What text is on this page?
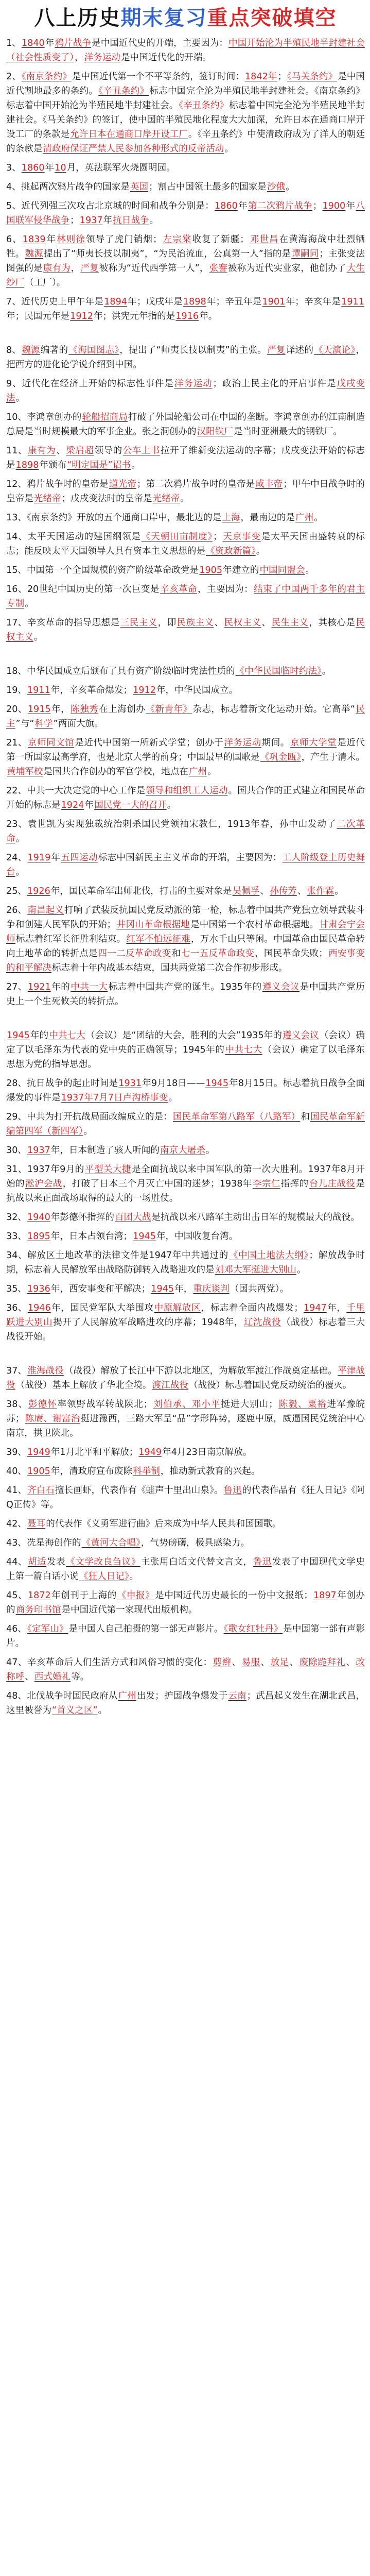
八上历史期末复习重点突破填空

1、1840年鸦片战争是中国近代史的开端，主要因为：中国开始沦为半殖民地半封建社会（社会性质变了），洋务运动是中国近代化的开端。

2、《南京条约》是中国近代第一个不平等条约，签订时间：1842年；《马关条约》是中国近代割地最多的条约。《辛丑条约》标志中国完全沦为半殖民地半封建社会。《南京条约》标志着中国开始沦为半殖民地半封建社会。《辛丑条约》标志着中国完全沦为半殖民地半封建社会。《马关条约》的签订，使中国的半殖民地化程度大大加深，允许日本在通商口岸开设工厂的条款是允许日本在通商口岸开设工厂。《辛丑条约》中使清政府成为了洋人的朝廷的条款是清政府保证严禁人民参加各种形式的反帝活动。

3、1860年10月，英法联军火烧圆明园。

4、挑起两次鸦片战争的国家是英国；割占中国领土最多的国家是沙俄。

5、近代列强三次攻占北京城的时间和战争分别是：1860年第二次鸦片战争；1900年八国联军侵华战争；1937年抗日战争。

6、1839年林则徐领导了虎门销烟；左宗棠收复了新疆；邓世昌在黄海海战中壮烈牺牲。魏源提出了“师夷长技以制夷”，“为民治流血，公真第一人”指的是谭嗣同；主张变法图强的是康有为，严复被称为“近代西学第一人”，张謇被称为近代实业家，他创办了大生纱厂（工厂）。

7、近代历史上甲午年是1894年；戊戌年是1898年；辛丑年是1901年；辛亥年是1911年；民国元年是1912年；洪宪元年指的是1916年。

8、魏源编著的《海国图志》，提出了“师夷长技以制夷”的主张。严复译述的《天演论》，把西方的进化论学说介绍到中国。

9、近代化在经济上开始的标志性事件是洋务运动；政治上民主化的开启事件是戊戌变法。

10、李鸿章创办的轮船招商局打破了外国轮船公司在中国的垄断。李鸿章创办的江南制造总局是当时规模最大的军事企业。张之洞创办的汉阳铁厂是当时亚洲最大的钢铁厂。

11、康有为、梁启超领导的公车上书拉开了维新变法运动的序幕；戊戌变法开始的标志是1898年颁布“明定国是”诏书。

12、鸦片战争时的皇帝是道光帝；第二次鸦片战争时的皇帝是咸丰帝；甲午中日战争时的皇帝是光绪帝；戊戌变法时的皇帝是光绪帝。

13、《南京条约》开放的五个通商口岸中，最北边的是上海，最南边的是广州。

14、太平天国运动的建国纲领是《天朝田亩制度》；天京事变是太平天国由盛转衰的标志；能反映太平天国领导人具有资本主义思想的是《资政新篇》。

15、中国第一个全国规模的资产阶级革命政党是1905年建立的中国同盟会。

16、20世纪中国历史的第一次巨变是辛亥革命，主要因为：结束了中国两千多年的君主专制。

17、辛亥革命的指导思想是三民主义，即民族主义、民权主义、民生主义，其核心是民权主义。

18、中华民国成立后颁布了具有资产阶级临时宪法性质的《中华民国临时约法》。

19、1911年，辛亥革命爆发；1912年，中华民国成立。

20、1915年，陈独秀在上海创办《新青年》杂志，标志着新文化运动开始。它高举“民主”与“科学”两面大旗。

21、京师同文馆是近代中国第一所新式学堂；创办于洋务运动期间。京师大学堂是近代第一所国家最高学府，也是北京大学的前身；中国最早的国歌是《巩金瓯》，产生于清末。黄埔军校是国共合作创办的军官学校，地点在广州。

22、中共一大决定党的中心工作是领导和组织工人运动。国共合作的正式建立和国民革命开始的标志是1924年国民党一大的召开。

23、袁世凯为实现独裁统治刺杀国民党领袖宋教仁，1913年春，孙中山发动了二次革命。

24、1919年五四运动标志中国新民主主义革命的开端，主要因为：工人阶级登上历史舞台。

25、1926年，国民革命军出师北伐，打击的主要对象是吴佩孚、孙传芳、张作霖。

26、南昌起义打响了武装反抗国民党反动派的第一枪，标志着中国共产党独立领导武装斗争和创建人民军队的开始；井冈山革命根据地是中国第一个农村革命根据地。甘肃会宁会师标志着红军长征胜利结束。红军不怕远征难，万水千山只等闲。中国革命由国民革命转向土地革命的转折点是四一二反革命政变和七一五反革命政变，国民革命失败；西安事变的和平解决标志着十年内战基本结束，国共两党第二次合作初步形成。

27、1921年的中共一大标志着中国共产党的诞生。1935年的遵义会议是中国共产党历史上一个生死攸关的转折点。

1945年的中共七大（会议）是“团结的大会，胜利的大会”1935年的遵义会议（会议）确定了以毛泽东为代表的党中央的正确领导；1945年的中共七大（会议）确定了以毛泽东思想为党的指导思想。

28、抗日战争的起止时间是1931年9月18日——1945年8月15日。标志着抗日战争全面爆发的事件是1937年7月7日卢沟桥事变。

29、中共为打开抗战局面改编成立的是：国民革命军第八路军（八路军）和国民革命军新编第四军（新四军）。

30、1937年，日本制造了骇人听闻的南京大屠杀。

31、1937年9月的平型关大捷是全面抗战以来中国军队的第一次大胜利。1937年8月开始的淞沪会战，打破了日本三个月灭亡中国的迷梦；1938年李宗仁指挥的台儿庄战役是抗战以来正面战场取得的最大的一场胜仗。

32、1940年彭德怀指挥的百团大战是抗战以来八路军主动出击日军的规模最大的战役。

33、1895年，日本占领台湾；1945年，中国收复台湾。

34、解放区土地改革的法律文件是1947年中共通过的《中国土地法大纲》；解放战争时期，标志着人民解放军由战略防御转入战略进攻的是刘邓大军挺进大别山。

35、1936年，西安事变和平解决；1945年，重庆谈判（国共两党）。

36、1946年，国民党军队大举围攻中原解放区，标志着全面内战爆发；1947年，千里跃进大别山揭开了人民解放军战略进攻的序幕；1948年，辽沈战役（战役）标志着三大战役开始。

37、淮海战役（战役）解放了长江中下游以北地区，为解放军渡江作战奠定基础。平津战役（战役）基本上解放了华北全境。渡江战役（战役）标志着国民党反动统治的覆灭。

38、彭德怀率领野战军转战陕北；刘伯承、邓小平挺进大别山；陈毅、粟裕进军豫皖苏；陈赓、谢富治挺进豫西，三路大军呈“品”字形阵势，逐鹿中原，威逼国民党统治中心南京，拱卫陕北。

39、1949年1月北平和平解放；1949年4月23日南京解放。

40、1905年，清政府宣布废除科举制，推动新式教育的兴起。

41、齐白石擅长画虾，代表作有《蛙声十里出山泉》。鲁迅的代表作品有《狂人日记》《阿Q正传》等。

42、聂耳的代表作《义勇军进行曲》后来成为中华人民共和国国歌。

43、冼星海创作的《黄河大合唱》，气势磅礴，极具感染力。

44、胡适发表《文学改良刍议》主张用白话文代替文言文，鲁迅发表了中国现代文学史上第一篇白话小说《狂人日记》。

45、1872年创刊于上海的《申报》是中国近代历史最长的一份中文报纸；1897年创办的商务印书馆是中国近代第一家现代出版机构。

46、《定军山》是中国人自己拍摄的第一部无声影片。《歌女红牡丹》是中国第一部有声影片。

47、辛亥革命后人们生活方式和风俗习惯的变化：剪辫、易服、放足、废除跪拜礼、改称呼、西式婚礼等。

48、北伐战争时国民政府从广州出发；护国战争爆发于云南；武昌起义发生在湖北武昌，这里被誉为“首义之区”。
